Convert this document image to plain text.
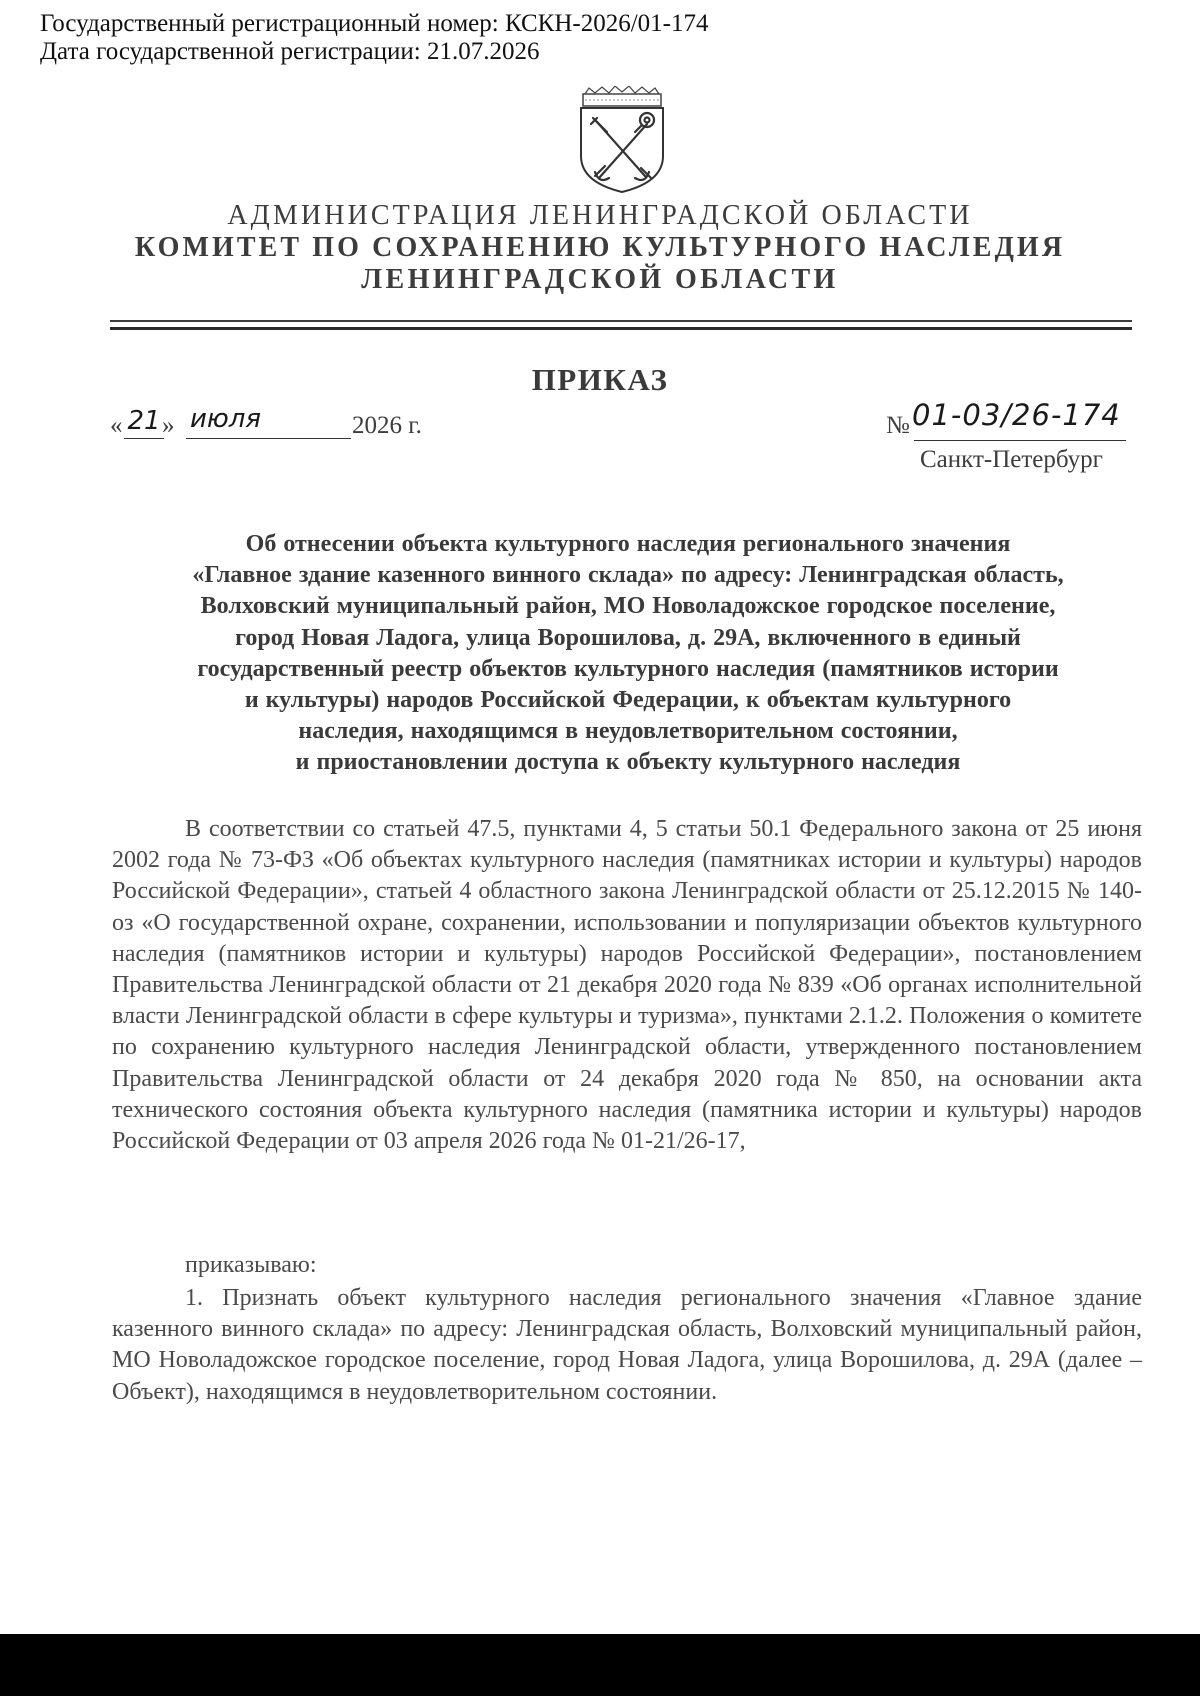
Государственный регистрационный номер: КСКН-2026/01-174
Дата государственной регистрации: 21.07.2026
АДМИНИСТРАЦИЯ ЛЕНИНГРАДСКОЙ ОБЛАСТИ
КОМИТЕТ ПО СОХРАНЕНИЮ КУЛЬТУРНОГО НАСЛЕДИЯ
ЛЕНИНГРАДСКОЙ ОБЛАСТИ
ПРИКАЗ
« 21 » июля	2026 г.	№ 01-03/26-174
Санкт-Петербург
Об отнесении объекта культурного наследия регионального значения
«Главное здание казенного винного склада» по адресу: Ленинградская область,
Волховский муниципальный район, МО Новоладожское городское поселение,
город Новая Ладога, улица Ворошилова, д. 29А, включенного в единый
государственный реестр объектов культурного наследия (памятников истории
и культуры) народов Российской Федерации, к объектам культурного
наследия, находящимся в неудовлетворительном состоянии,
и приостановлении доступа к объекту культурного наследия
В соответствии со статьей 47.5, пунктами 4, 5 статьи 50.1 Федерального закона от 25 июня 2002 года № 73-ФЗ «Об объектах культурного наследия (памятниках истории и культуры) народов Российской Федерации», статьей 4 областного закона Ленинградской области от 25.12.2015 № 140-оз «О государственной охране, сохранении, использовании и популяризации объектов культурного наследия (памятников истории и культуры) народов Российской Федерации», постановлением Правительства Ленинградской области от 21 декабря 2020 года № 839 «Об органах исполнительной власти Ленинградской области в сфере культуры и туризма», пунктами 2.1.2. Положения о комитете по сохранению культурного наследия Ленинградской области, утвержденного постановлением Правительства Ленинградской области от 24 декабря 2020 года № 850, на основании акта технического состояния объекта культурного наследия (памятника истории и культуры) народов Российской Федерации от 03 апреля 2026 года № 01-21/26-17,
приказываю:
1. Признать объект культурного наследия регионального значения «Главное здание казенного винного склада» по адресу: Ленинградская область, Волховский муниципальный район, МО Новоладожское городское поселение, город Новая Ладога, улица Ворошилова, д. 29А (далее – Объект), находящимся в неудовлетворительном состоянии.
